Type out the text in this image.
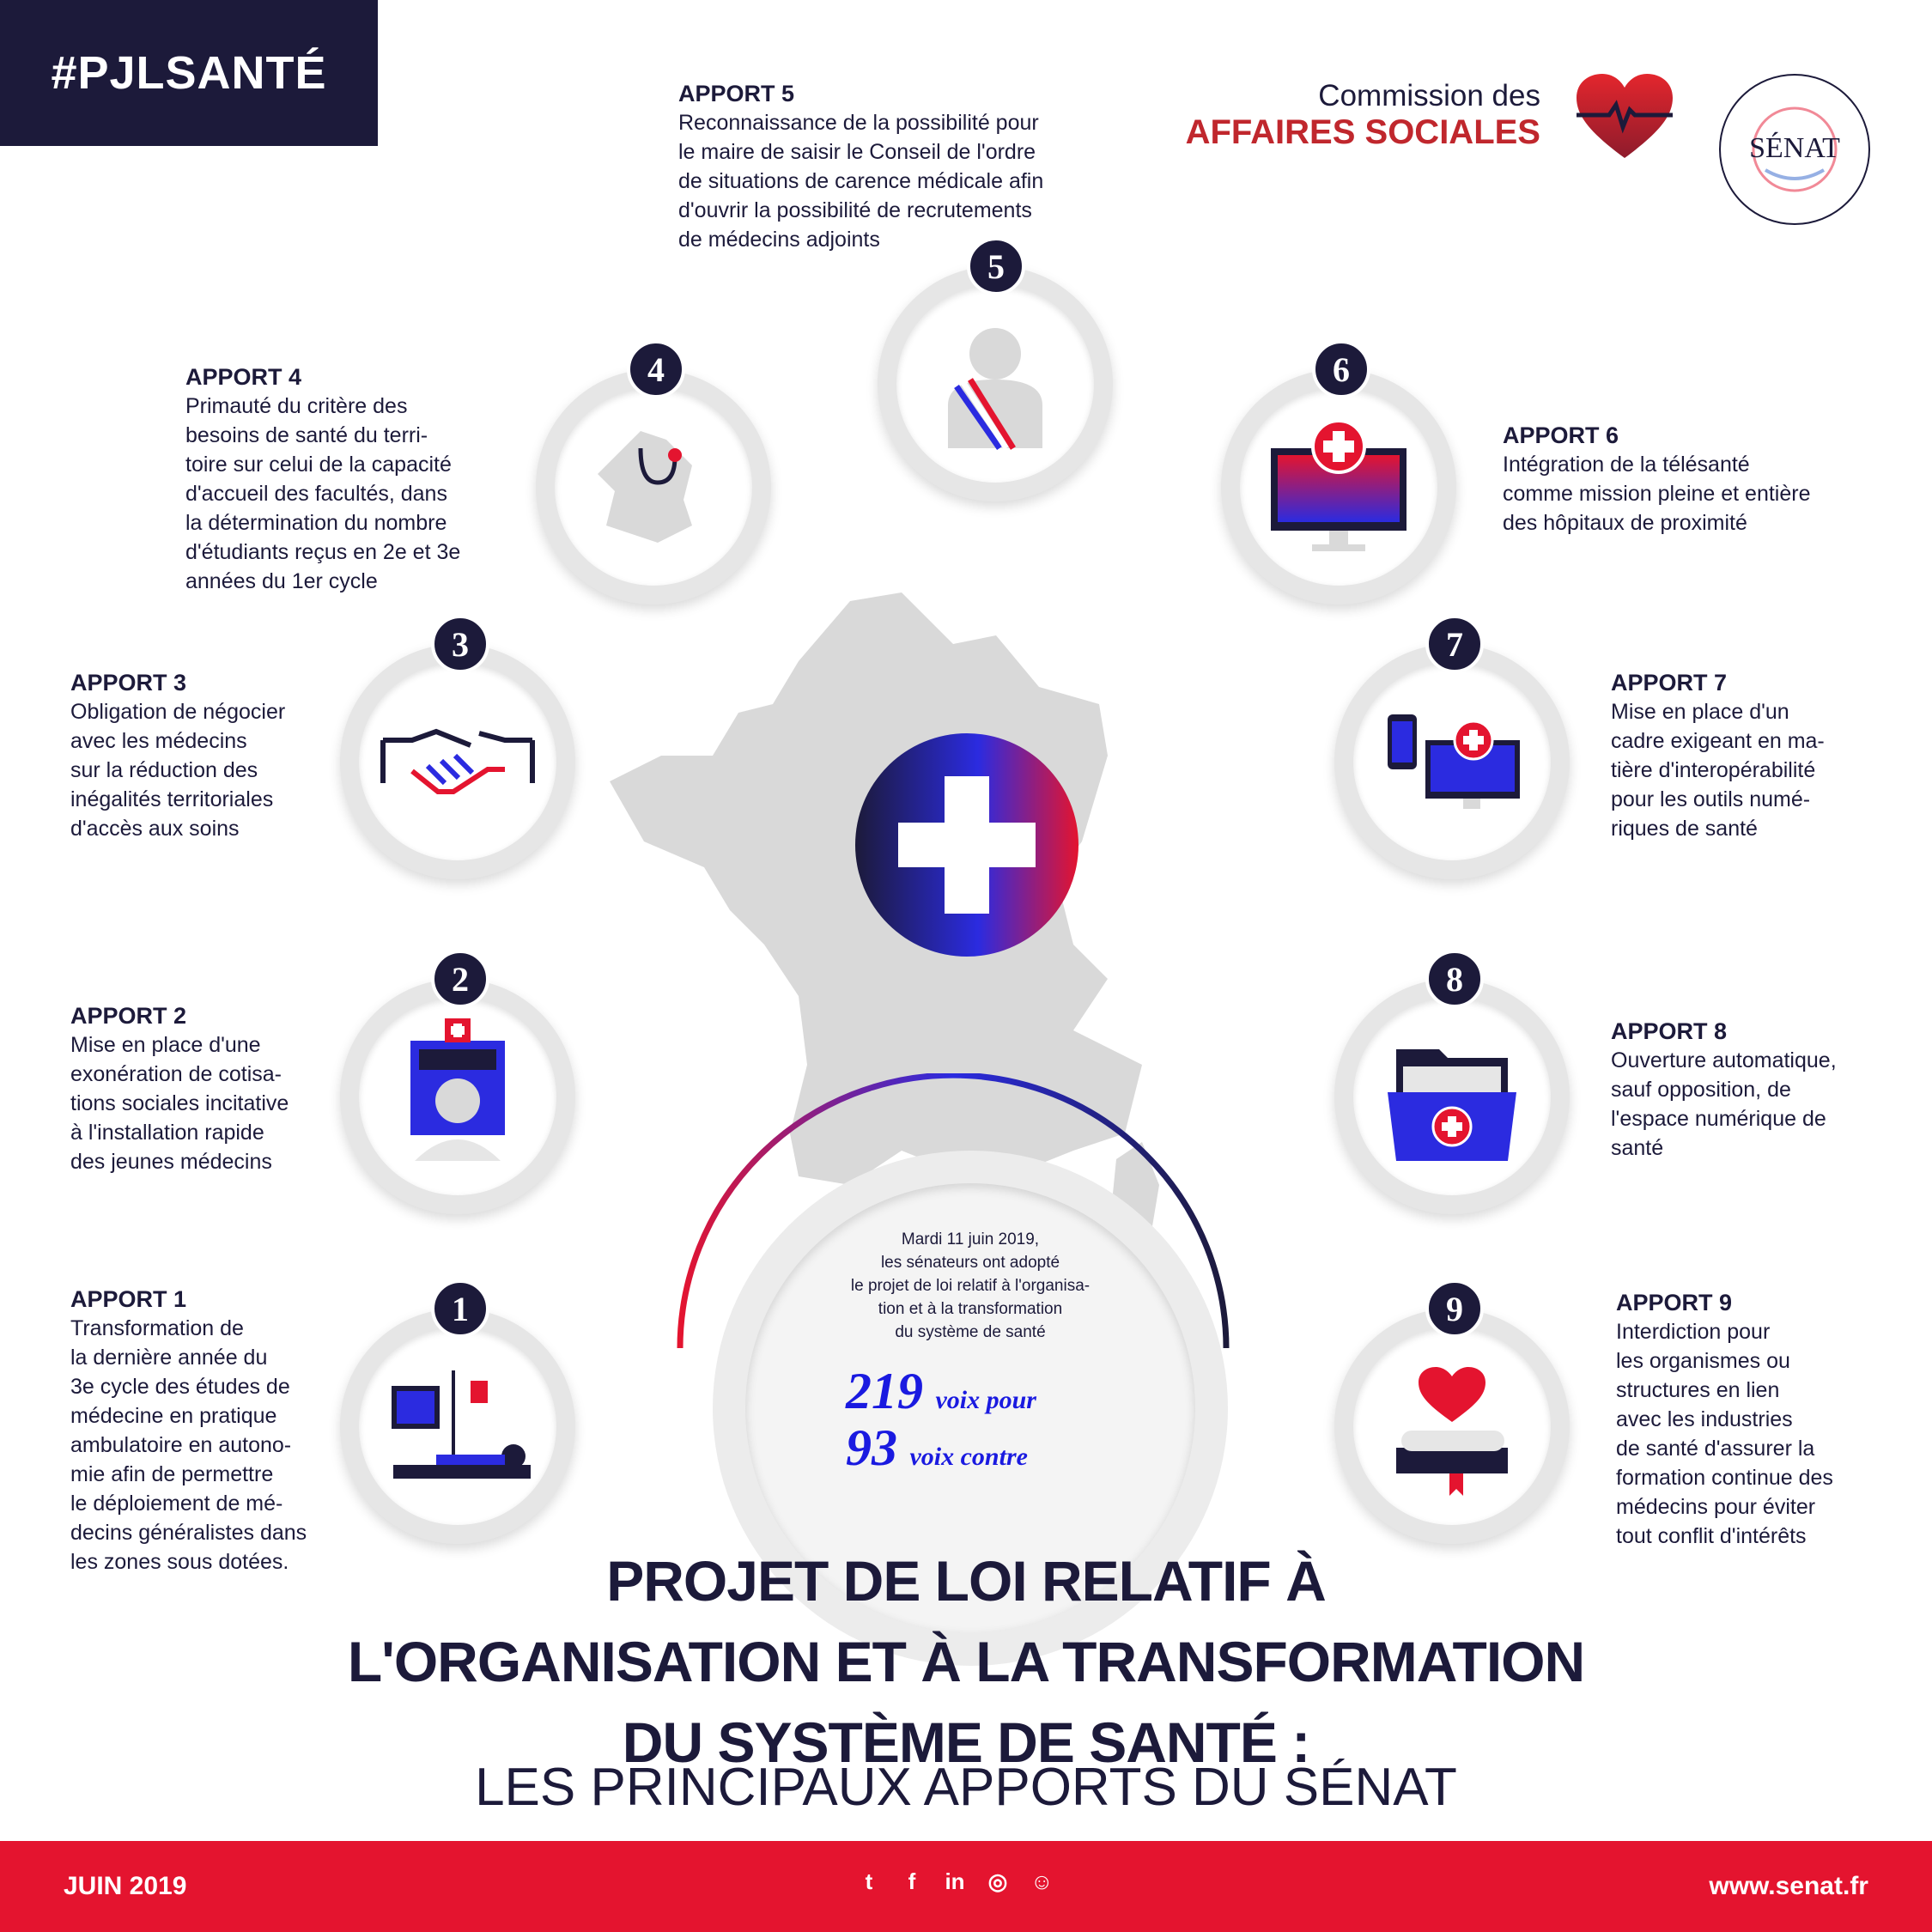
#PJLSANTÉ	Commission des
AFFAIRES SOCIALES	SÉNAT
Mardi 11 juin 2019,
les sénateurs ont adopté
le projet de loi relatif à l'organisa-
tion et à la transformation
du système de santé
219 voix pour
93 voix contre
1
2
3
4
5
6
7
8
9
APPORT 1
Transformation de
la dernière année du
3e cycle des études de
médecine en pratique
ambulatoire en autono-
mie afin de permettre
le déploiement de mé-
decins généralistes dans
les zones sous dotées.
APPORT 2
Mise en place d'une
exonération de cotisa-
tions sociales incitative
à l'installation rapide
des jeunes médecins
APPORT 3
Obligation de négocier
avec les médecins
sur la réduction des
inégalités territoriales
d'accès aux soins
APPORT 4
Primauté du critère des
besoins de santé du terri-
toire sur celui de la capacité
d'accueil des facultés, dans
la détermination du nombre
d'étudiants reçus en 2e et 3e
années du 1er cycle
APPORT 5
Reconnaissance de la possibilité pour
le maire de saisir le Conseil de l'ordre
de situations de carence médicale afin
d'ouvrir la possibilité de recrutements
de médecins adjoints
APPORT 6
Intégration de la télésanté
comme mission pleine et entière
des hôpitaux de proximité
APPORT 7
Mise en place d'un
cadre exigeant en ma-
tière d'interopérabilité
pour les outils numé-
riques de santé
APPORT 8
Ouverture automatique,
sauf opposition, de
l'espace numérique de
santé
APPORT 9
Interdiction pour
les organismes ou
structures en lien
avec les industries
de santé d'assurer la
formation continue des
médecins pour éviter
tout conflit d'intérêts
PROJET DE LOI RELATIF À
L'ORGANISATION ET À LA TRANSFORMATION
DU SYSTÈME DE SANTÉ :
LES PRINCIPAUX APPORTS DU SÉNAT
JUIN 2019	t f in ◎ ☺	www.senat.fr
